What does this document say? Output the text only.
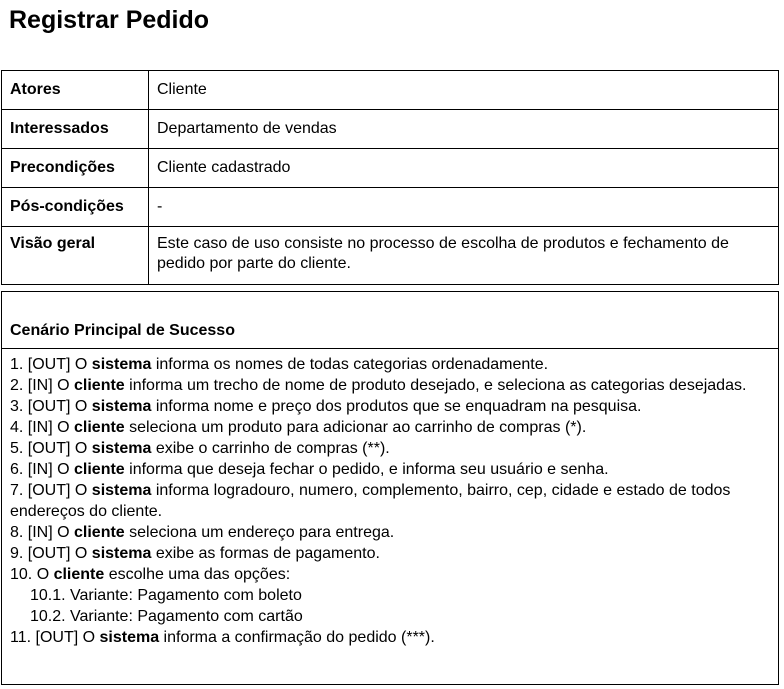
Registrar Pedido
Atores	Cliente
Interessados	Departamento de vendas
Precondições	Cliente cadastrado
Pós-condições	-
Visão geral	Este caso de uso consiste no processo de escolha de produtos e fechamento de pedido por parte do cliente.
Cenário Principal de Sucesso
1. [OUT] O sistema informa os nomes de todas categorias ordenadamente.
2. [IN] O cliente informa um trecho de nome de produto desejado, e seleciona as categorias desejadas.
3. [OUT] O sistema informa nome e preço dos produtos que se enquadram na pesquisa.
4. [IN] O cliente seleciona um produto para adicionar ao carrinho de compras (*).
5. [OUT] O sistema exibe o carrinho de compras (**).
6. [IN] O cliente informa que deseja fechar o pedido, e informa seu usuário e senha.
7. [OUT] O sistema informa logradouro, numero, complemento, bairro, cep, cidade e estado de todos endereços do cliente.
8. [IN] O cliente seleciona um endereço para entrega.
9. [OUT] O sistema exibe as formas de pagamento.
10. O cliente escolhe uma das opções:
10.1. Variante: Pagamento com boleto
10.2. Variante: Pagamento com cartão
11. [OUT] O sistema informa a confirmação do pedido (***).
